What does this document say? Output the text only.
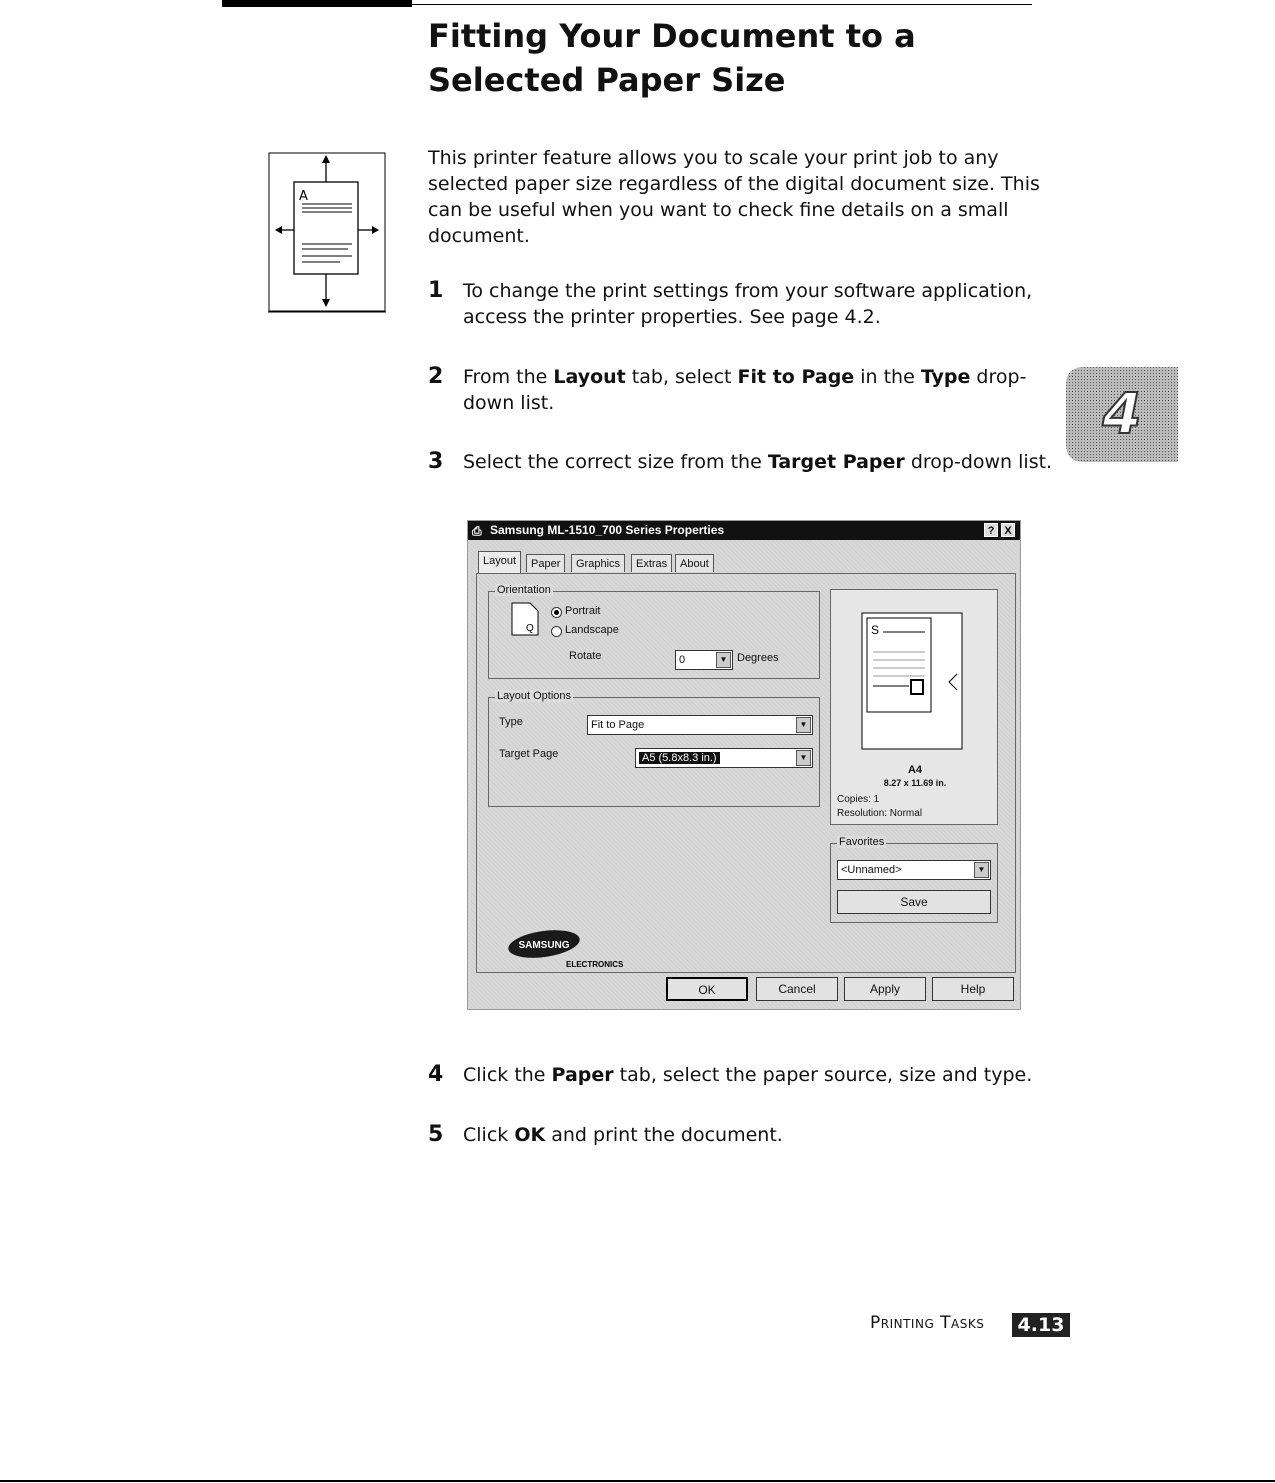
Fitting Your Document to a Selected Paper Size
A

This printer feature allows you to scale your print job to any selected paper size regardless of the digital document size. This can be useful when you want to check fine details on a small document.

1 To change the print settings from your software application, access the printer properties. See page 4.2.
2 From the Layout tab, select Fit to Page in the Type drop-down list.
3 Select the correct size from the Target Paper drop-down list.
4
⎙ Samsung ML-1510_700 Series Properties	? X
Layout	Paper	Graphics	Extras	About
Orientation
Q
Portrait
Landscape
Rotate	0	▼ Degrees
Layout Options
Type	Fit to Page	▼
Target Page	A5 (5.8x8.3 in.)	▼
S
A4
8.27 x 11.69 in.
Copies: 1
Resolution: Normal
Favorites
<Unnamed>	▼
Save
SAMSUNG
ELECTRONICS
OK	Cancel	Apply	Help
4 Click the Paper tab, select the paper source, size and type.
5 Click OK and print the document.
Printing Tasks 4.13
